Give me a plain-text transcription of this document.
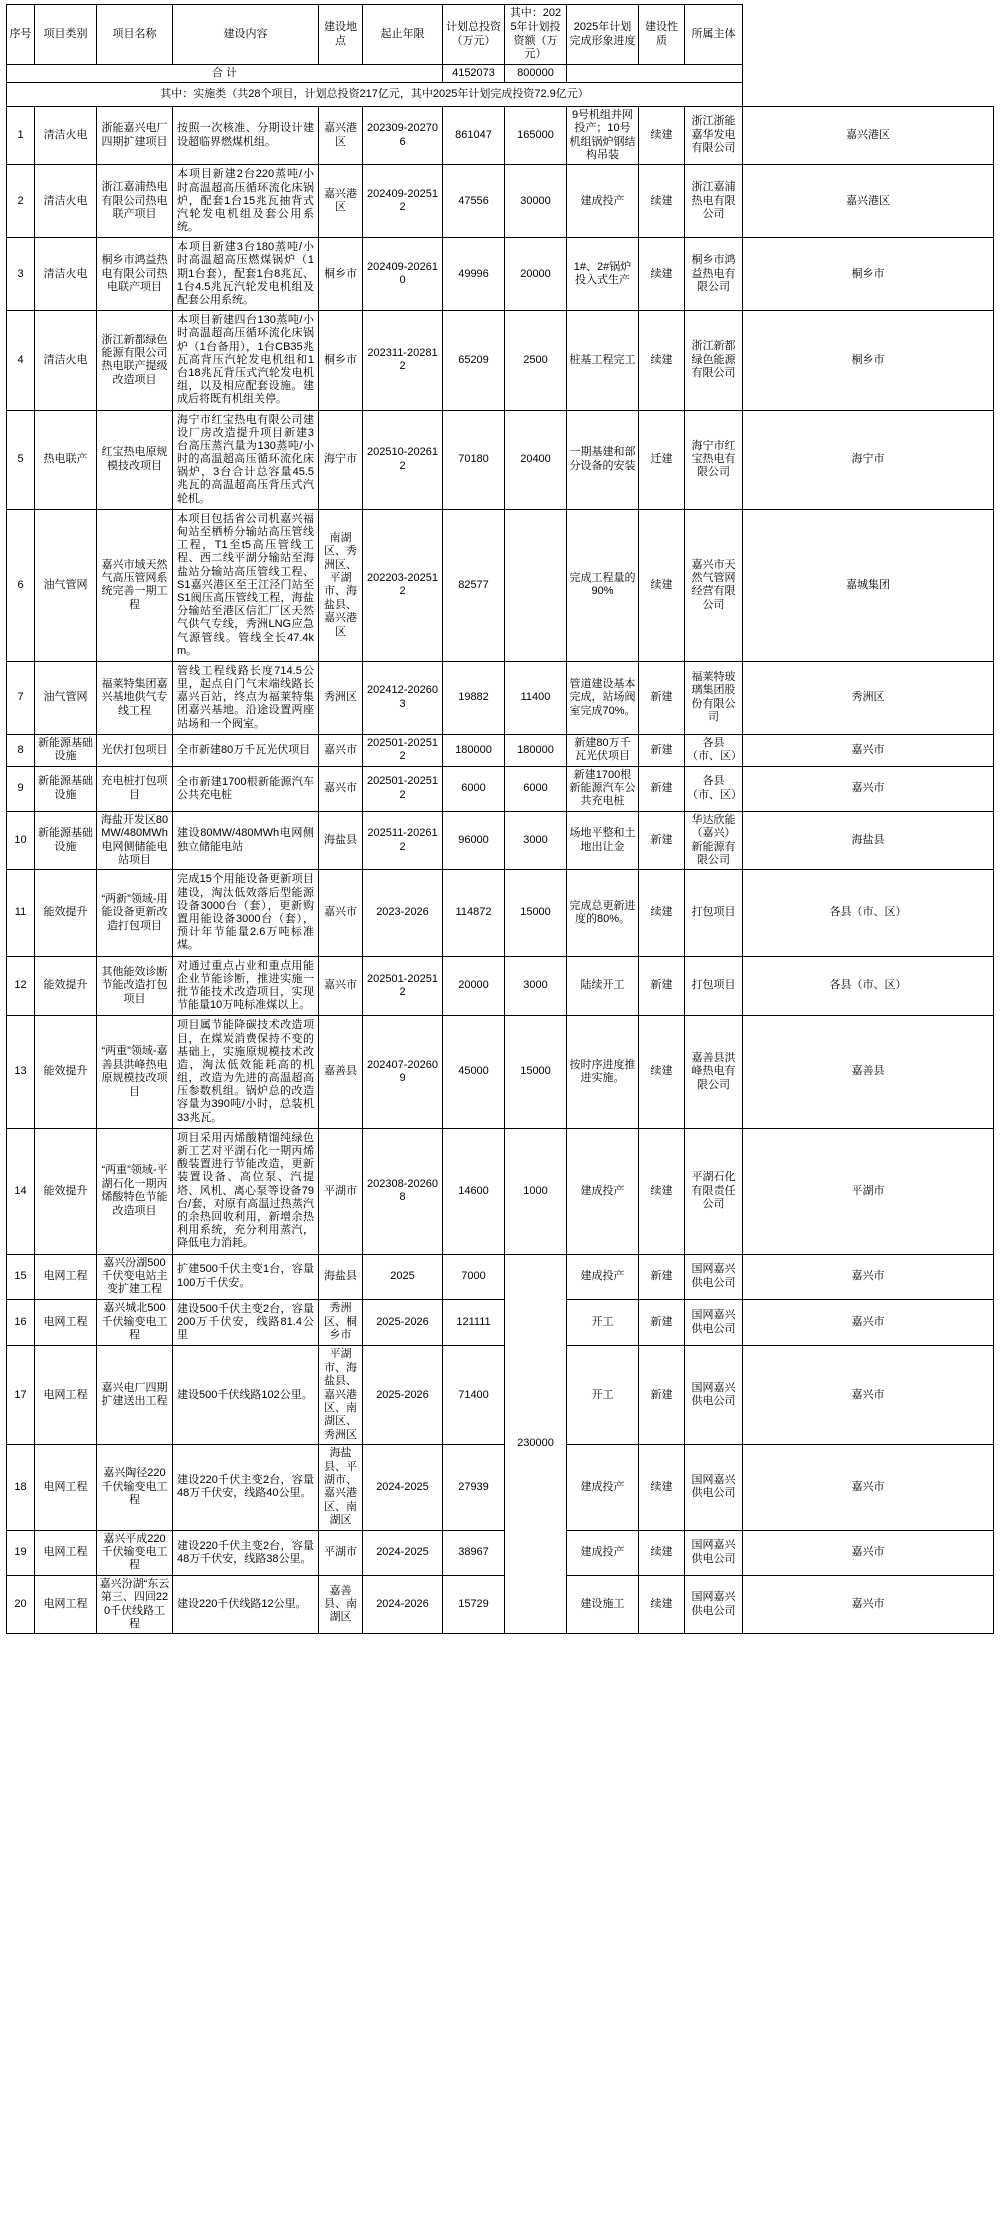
序号	项目类别	项目名称	建设内容	建设地点	起止年限	计划总投资（万元）	其中：2025年计划投资额（万元）	2025年计划完成形象进度	建设性质	所属主体	
合 计						4152073	800000				
其中：实施类（共28个项目，计划总投资217亿元，其中2025年计划完成投资72.9亿元）											
1	清洁火电	浙能嘉兴电厂四期扩建项目	按照一次核准、分期设计建设超临界燃煤机组。	嘉兴港区	202309-202706	861047	165000	9号机组并网投产；10号机组锅炉钢结构吊装	续建	浙江浙能嘉华发电有限公司	嘉兴港区
2	清洁火电	浙江嘉浦热电有限公司热电联产项目	本项目新建2台220蒸吨/小时高温超高压循环流化床锅炉，配套1台15兆瓦抽背式汽轮发电机组及套公用系统。	嘉兴港区	202409-202512	47556	30000	建成投产	续建	浙江嘉浦热电有限公司	嘉兴港区
3	清洁火电	桐乡市鸿益热电有限公司热电联产项目	本项目新建3台180蒸吨/小时高温超高压燃煤锅炉（1期1台套），配套1台8兆瓦、1台4.5兆瓦汽轮发电机组及配套公用系统。	桐乡市	202409-202610	49996	20000	1#、2#锅炉投入式生产	续建	桐乡市鸿益热电有限公司	桐乡市
4	清洁火电	浙江新都绿色能源有限公司热电联产提级改造项目	本项目新建四台130蒸吨/小时高温超高压循环流化床锅炉（1台备用），1台CB35兆瓦高背压汽轮发电机组和1台18兆瓦背压式汽轮发电机组，以及相应配套设施。建成后将既有机组关停。	桐乡市	202311-202812	65209	2500	桩基工程完工	续建	浙江新都绿色能源有限公司	桐乡市
5	热电联产	红宝热电原规模技改项目	海宁市红宝热电有限公司建设厂房改造提升项目新建3台高压蒸汽量为130蒸吨/小时的高温超高压循环流化床锅炉，3台合计总容量45.5兆瓦的高温超高压背压式汽轮机。	海宁市	202510-202612	70180	20400	一期基建和部分设备的安装	迁建	海宁市红宝热电有限公司	海宁市
6	油气管网	嘉兴市域天然气高压管网系统完善一期工程	本项目包括省公司机嘉兴福甸站至栖桥分输站高压管线工程，T1至t5高压管线工程、西二线平湖分输站至海盐站分输站高压管线工程、S1嘉兴港区至王江泾门站至S1阀压高压管线工程，海盐分输站至港区信汇厂区天然气供气专线，秀洲LNG应急气源管线。管线全长47.4km。	南湖区、秀洲区、平湖市、海盐县、嘉兴港区	202203-202512	82577		完成工程量的90%	续建	嘉兴市天然气管网经营有限公司	嘉城集团
7	油气管网	福莱特集团嘉兴基地供气专线工程	管线工程线路长度714.5公里，起点自门气末端线路长嘉兴百站，终点为福莱特集团嘉兴基地。沿途设置两座站场和一个阀室。	秀洲区	202412-202603	19882	11400	管道建设基本完成，站场阀室完成70%。	新建	福莱特玻璃集团股份有限公司	秀洲区
8	新能源基础设施	光伏打包项目	全市新建80万千瓦光伏项目	嘉兴市	202501-202512	180000	180000	新建80万千瓦光伏项目	新建	各县（市、区）	嘉兴市
9	新能源基础设施	充电桩打包项目	全市新建1700根新能源汽车公共充电桩	嘉兴市	202501-202512	6000	6000	新建1700根新能源汽车公共充电桩	新建	各县（市、区）	嘉兴市
10	新能源基础设施	海盐开发区80MW/480MWh电网侧储能电站项目	建设80MW/480MWh电网侧独立储能电站	海盐县	202511-202612	96000	3000	场地平整和土地出让金	新建	华达欣能（嘉兴）新能源有限公司	海盐县
11	能效提升	“两新”领域-用能设备更新改造打包项目	完成15个用能设备更新项目建设，淘汰低效落后型能源设备3000台（套），更新购置用能设备3000台（套），预计年节能量2.6万吨标准煤。	嘉兴市	2023-2026	114872	15000	完成总更新进度的80%。	续建	打包项目	各县（市、区）
12	能效提升	其他能效诊断节能改造打包项目	对通过重点占业和重点用能企业节能诊断，推进实施一批节能技术改造项目，实现节能量10万吨标准煤以上。	嘉兴市	202501-202512	20000	3000	陆续开工	新建	打包项目	各县（市、区）
13	能效提升	“两重”领域-嘉善县洪峰热电原规模技改项目	项目属节能降碳技术改造项目，在煤炭消费保持不变的基础上，实施原规模技术改造，淘汰低效能耗高的机组，改造为先进的高温超高压参数机组。锅炉总的改造容量为390吨/小时，总装机33兆瓦。	嘉善县	202407-202609	45000	15000	按时序进度推进实施。	续建	嘉善县洪峰热电有限公司	嘉善县
14	能效提升	“两重”领域-平湖石化一期丙烯酸特色节能改造项目	项目采用丙烯酸精馏纯绿色新工艺对平湖石化一期丙烯酸装置进行节能改造，更新装置设备、高位泵、汽提塔、风机、离心泵等设备79台/套，对原有高温过热蒸汽的余热回收利用，新增余热利用系统，充分利用蒸汽，降低电力消耗。	平湖市	202308-202608	14600	1000	建成投产	续建	平湖石化有限责任公司	平湖市
15	电网工程	嘉兴汾湖500千伏变电站主变扩建工程	扩建500千伏主变1台，容量100万千伏安。	海盐县	2025	7000	230000	建成投产	新建	国网嘉兴供电公司	嘉兴市
16	电网工程	嘉兴城北500千伏输变电工程	建设500千伏主变2台，容量200万千伏安，线路81.4公里	秀洲区、桐乡市	2025-2026	121111		开工	新建	国网嘉兴供电公司	嘉兴市
17	电网工程	嘉兴电厂四期扩建送出工程	建设500千伏线路102公里。	平湖市、海盐县、嘉兴港区、南湖区、秀洲区	2025-2026	71400		开工	新建	国网嘉兴供电公司	嘉兴市
18	电网工程	嘉兴陶径220千伏输变电工程	建设220千伏主变2台，容量48万千伏安，线路40公里。	海盐县、平湖市、嘉兴港区、南湖区	2024-2025	27939		建成投产	续建	国网嘉兴供电公司	嘉兴市
19	电网工程	嘉兴平成220千伏输变电工程	建设220千伏主变2台，容量48万千伏安，线路38公里。	平湖市	2024-2025	38967		建成投产	续建	国网嘉兴供电公司	嘉兴市
20	电网工程	嘉兴汾湖“东云第三、四回220千伏线路工程	建设220千伏线路12公里。	嘉善县、南湖区	2024-2026	15729		建设施工	续建	国网嘉兴供电公司	嘉兴市
